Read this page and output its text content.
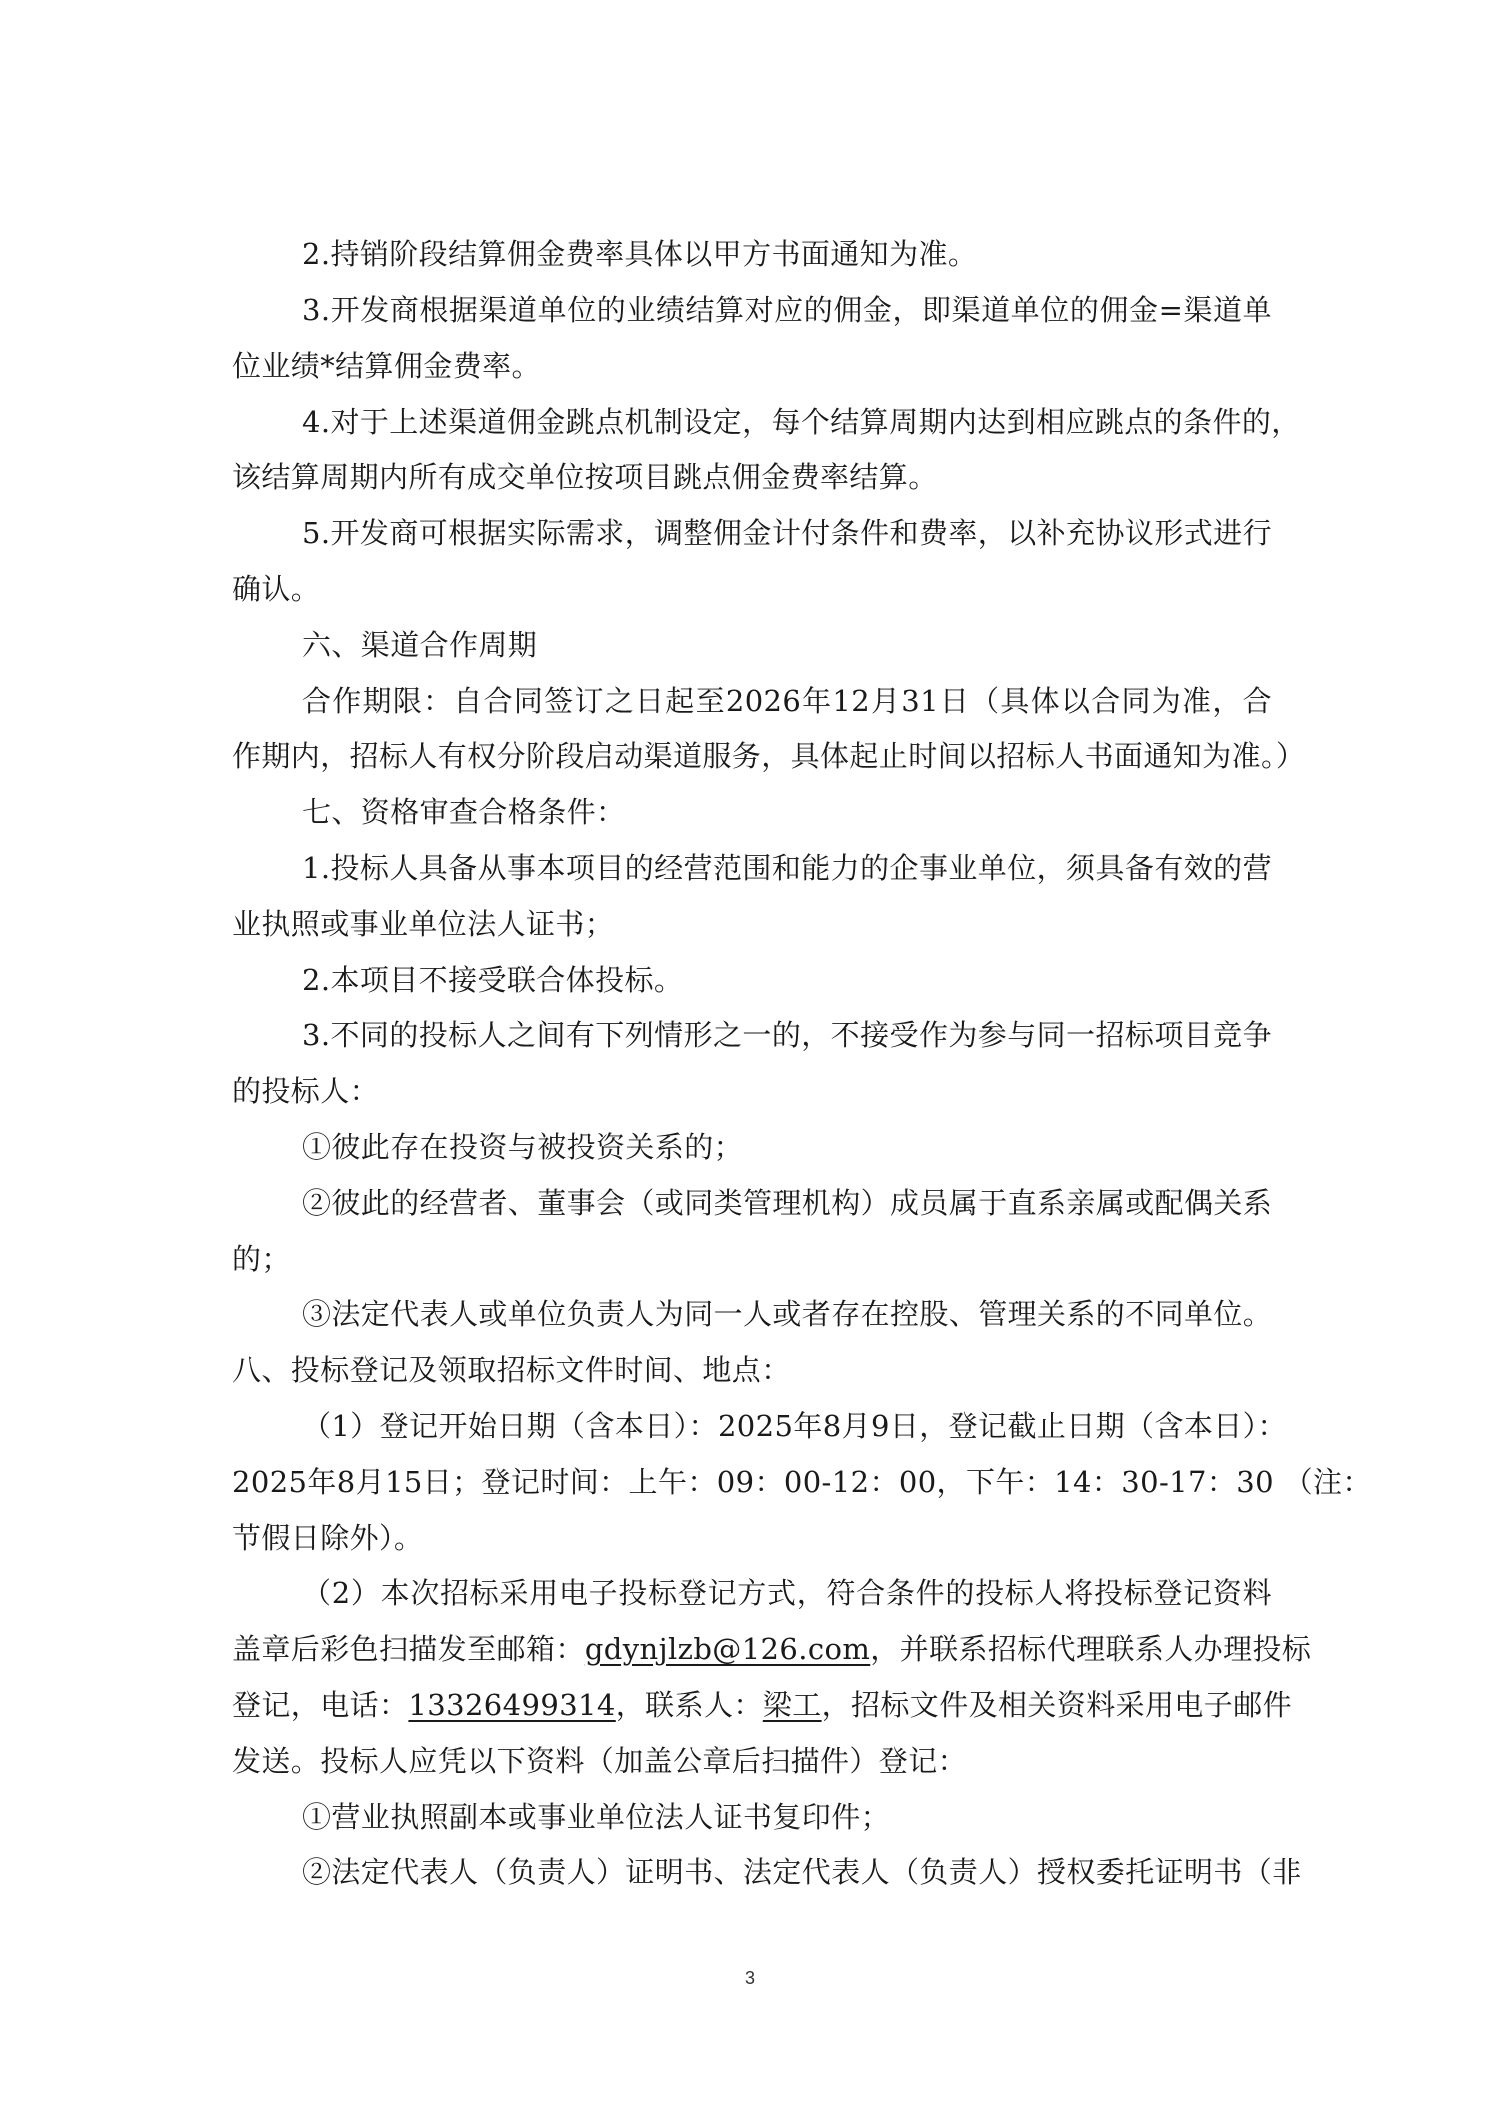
2.持销阶段结算佣金费率具体以甲方书面通知为准。
3.开发商根据渠道单位的业绩结算对应的佣金，即渠道单位的佣金=渠道单
位业绩*结算佣金费率。
4.对于上述渠道佣金跳点机制设定，每个结算周期内达到相应跳点的条件的，
该结算周期内所有成交单位按项目跳点佣金费率结算。
5.开发商可根据实际需求，调整佣金计付条件和费率，以补充协议形式进行
确认。
六、渠道合作周期
合作期限：自合同签订之日起至2026年12月31日（具体以合同为准，合
作期内，招标人有权分阶段启动渠道服务，具体起止时间以招标人书面通知为准。）
七、资格审查合格条件：
1.投标人具备从事本项目的经营范围和能力的企事业单位，须具备有效的营
业执照或事业单位法人证书；
2.本项目不接受联合体投标。
3.不同的投标人之间有下列情形之一的，不接受作为参与同一招标项目竞争
的投标人：
①彼此存在投资与被投资关系的；
②彼此的经营者、董事会（或同类管理机构）成员属于直系亲属或配偶关系
的；
③法定代表人或单位负责人为同一人或者存在控股、管理关系的不同单位。
八、投标登记及领取招标文件时间、地点：
（1）登记开始日期（含本日）：2025年8月9日，登记截止日期（含本日）：
2025年8月15日；登记时间：上午：09：00-12：00，下午：14：30-17：30 （注：
节假日除外）。
（2）本次招标采用电子投标登记方式，符合条件的投标人将投标登记资料
盖章后彩色扫描发至邮箱：gdynjlzb@126.com，并联系招标代理联系人办理投标
登记，电话：13326499314，联系人：梁工，招标文件及相关资料采用电子邮件
发送。投标人应凭以下资料（加盖公章后扫描件）登记：
①营业执照副本或事业单位法人证书复印件；
②法定代表人（负责人）证明书、法定代表人（负责人）授权委托证明书（非
3
